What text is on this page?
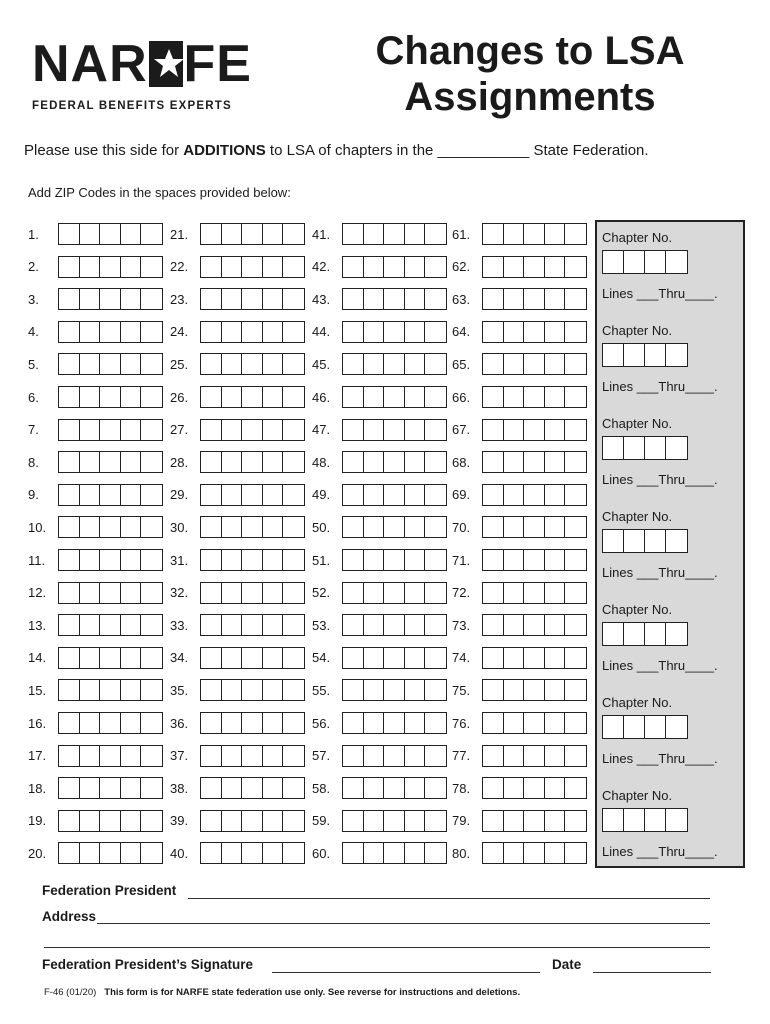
NAR FE
FEDERAL BENEFITS EXPERTS
Changes to LSA
Assignments
Please use this side for ADDITIONS to LSA of chapters in the ___________ State Federation.
Add ZIP Codes in the spaces provided below:
1.	21.	41.	61.
2.	22.	42.	62.
3.	23.	43.	63.
4.	24.	44.	64.
5.	25.	45.	65.
6.	26.	46.	66.
7.	27.	47.	67.
8.	28.	48.	68.
9.	29.	49.	69.
10.	30.	50.	70.
11.	31.	51.	71.
12.	32.	52.	72.
13.	33.	53.	73.
14.	34.	54.	74.
15.	35.	55.	75.
16.	36.	56.	76.
17.	37.	57.	77.
18.	38.	58.	78.
19.	39.	59.	79.
20.	40.	60.	80.
Chapter No.
Lines ___Thru____.
Chapter No.
Lines ___Thru____.
Chapter No.
Lines ___Thru____.
Chapter No.
Lines ___Thru____.
Chapter No.
Lines ___Thru____.
Chapter No.
Lines ___Thru____.
Chapter No.
Lines ___Thru____.
Federation President
Address
Federation President’s Signature	Date
F-46 (01/20) This form is for NARFE state federation use only. See reverse for instructions and deletions.
